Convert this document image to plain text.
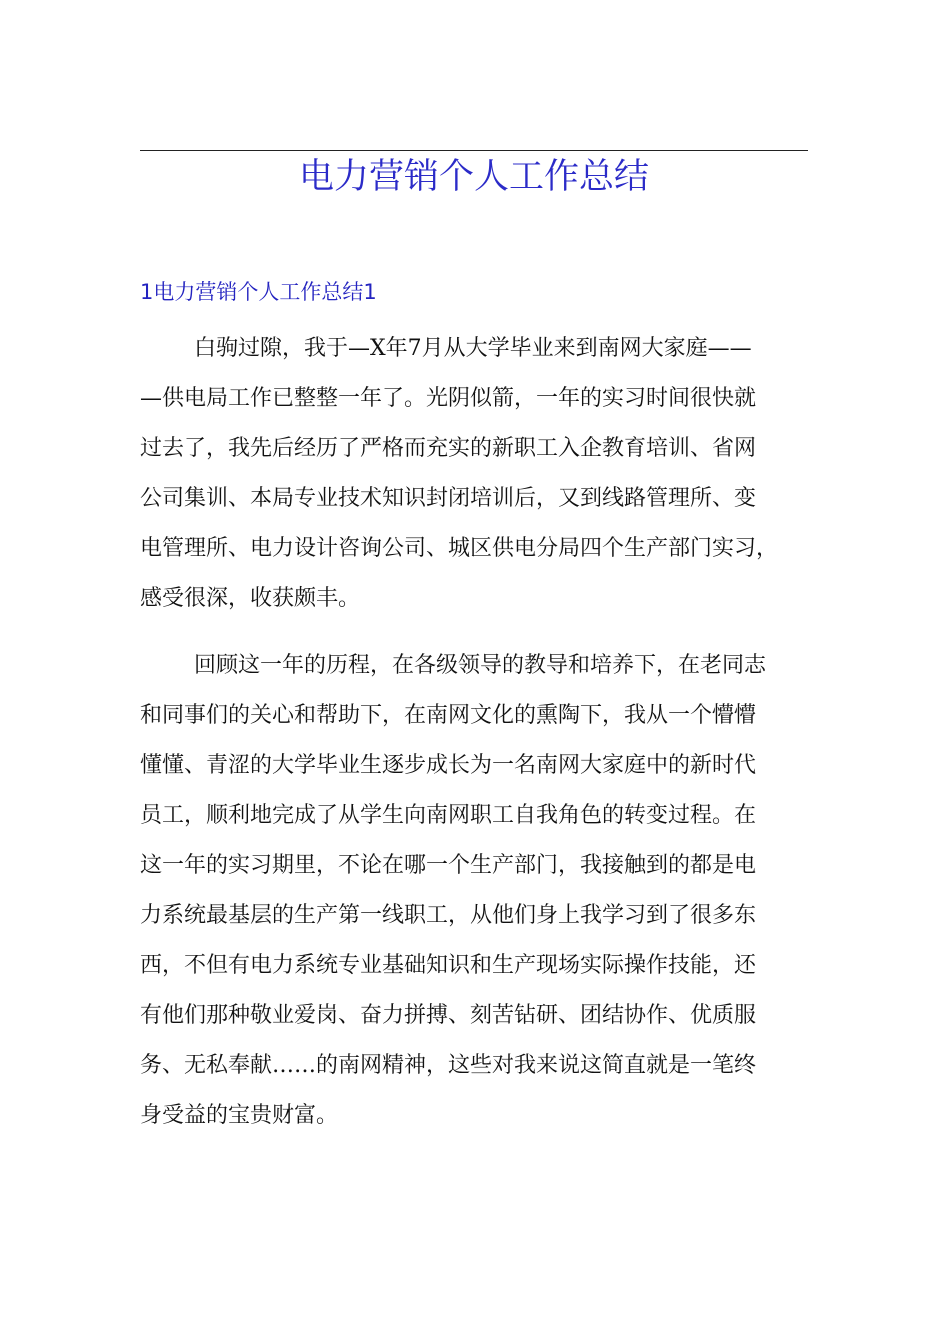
电力营销个人工作总结
1电力营销个人工作总结1

白驹过隙，我于—X年7月从大学毕业来到南网大家庭——
—供电局工作已整整一年了。光阴似箭，一年的实习时间很快就
过去了，我先后经历了严格而充实的新职工入企教育培训、省网
公司集训、本局专业技术知识封闭培训后，又到线路管理所、变
电管理所、电力设计咨询公司、城区供电分局四个生产部门实习，
感受很深，收获颇丰。

回顾这一年的历程，在各级领导的教导和培养下，在老同志
和同事们的关心和帮助下，在南网文化的熏陶下，我从一个懵懵
懂懂、青涩的大学毕业生逐步成长为一名南网大家庭中的新时代
员工，顺利地完成了从学生向南网职工自我角色的转变过程。在
这一年的实习期里，不论在哪一个生产部门，我接触到的都是电
力系统最基层的生产第一线职工，从他们身上我学习到了很多东
西，不但有电力系统专业基础知识和生产现场实际操作技能，还
有他们那种敬业爱岗、奋力拼搏、刻苦钻研、团结协作、优质服
务、无私奉献……的南网精神，这些对我来说这简直就是一笔终
身受益的宝贵财富。
